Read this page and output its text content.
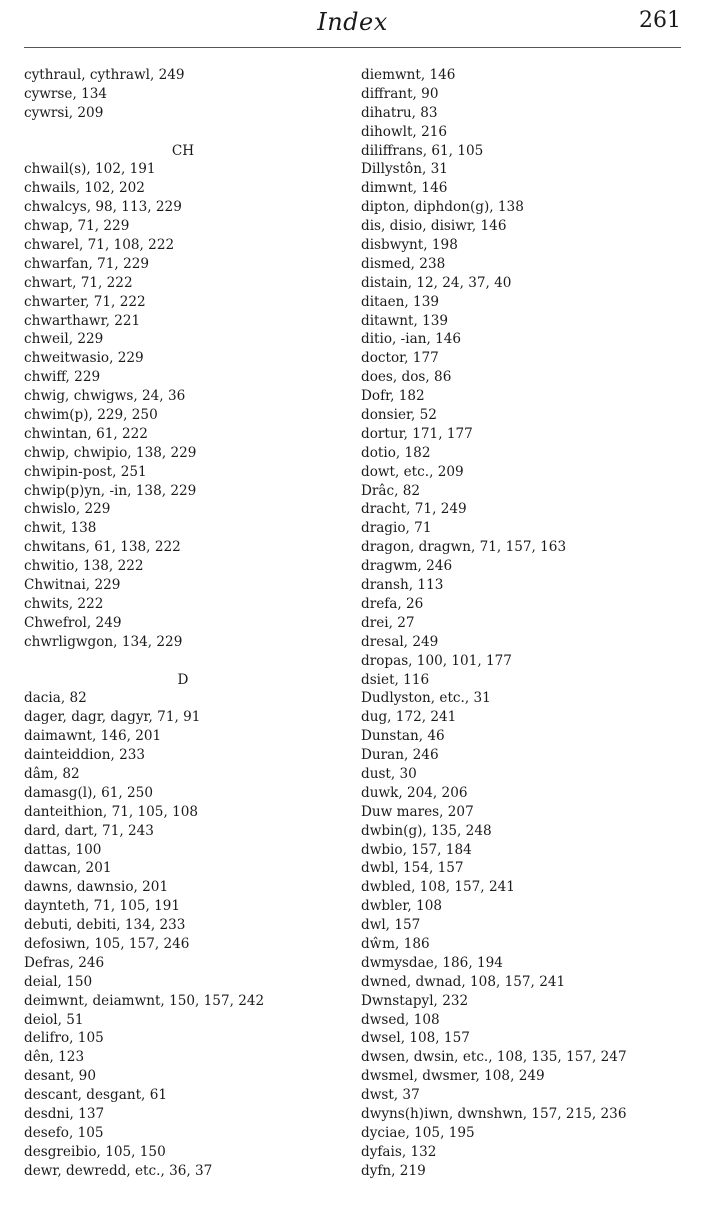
Index	261
cythraul, cythrawl, 249
cywrse, 134
cywrsi, 209
CH
chwail(s), 102, 191
chwails, 102, 202
chwalcys, 98, 113, 229
chwap, 71, 229
chwarel, 71, 108, 222
chwarfan, 71, 229
chwart, 71, 222
chwarter, 71, 222
chwarthawr, 221
chweil, 229
chweitwasio, 229
chwiff, 229
chwig, chwigws, 24, 36
chwim(p), 229, 250
chwintan, 61, 222
chwip, chwipio, 138, 229
chwipin-post, 251
chwip(p)yn, -in, 138, 229
chwislo, 229
chwit, 138
chwitans, 61, 138, 222
chwitio, 138, 222
Chwitnai, 229
chwits, 222
Chwefrol, 249
chwrligwgon, 134, 229
D
dacia, 82
dager, dagr, dagyr, 71, 91
daimawnt, 146, 201
dainteiddion, 233
dâm, 82
damasg(l), 61, 250
danteithion, 71, 105, 108
dard, dart, 71, 243
dattas, 100
dawcan, 201
dawns, dawnsio, 201
daynteth, 71, 105, 191
debuti, debiti, 134, 233
defosiwn, 105, 157, 246
Defras, 246
deial, 150
deimwnt, deiamwnt, 150, 157, 242
deiol, 51
delifro, 105
dên, 123
desant, 90
descant, desgant, 61
desdni, 137
desefo, 105
desgreibio, 105, 150
dewr, dewredd, etc., 36, 37
diemwnt, 146
diffrant, 90
dihatru, 83
dihowlt, 216
diliffrans, 61, 105
Dillystôn, 31
dimwnt, 146
dipton, diphdon(g), 138
dis, disio, disiwr, 146
disbwynt, 198
dismed, 238
distain, 12, 24, 37, 40
ditaen, 139
ditawnt, 139
ditio, -ian, 146
doctor, 177
does, dos, 86
Dofr, 182
donsier, 52
dortur, 171, 177
dotio, 182
dowt, etc., 209
Drâc, 82
dracht, 71, 249
dragio, 71
dragon, dragwn, 71, 157, 163
dragwm, 246
dransh, 113
drefa, 26
drei, 27
dresal, 249
dropas, 100, 101, 177
dsiet, 116
Dudlyston, etc., 31
dug, 172, 241
Dunstan, 46
Duran, 246
dust, 30
duwk, 204, 206
Duw mares, 207
dwbin(g), 135, 248
dwbio, 157, 184
dwbl, 154, 157
dwbled, 108, 157, 241
dwbler, 108
dwl, 157
dŵm, 186
dwmysdae, 186, 194
dwned, dwnad, 108, 157, 241
Dwnstapyl, 232
dwsed, 108
dwsel, 108, 157
dwsen, dwsin, etc., 108, 135, 157, 247
dwsmel, dwsmer, 108, 249
dwst, 37
dwyns(h)iwn, dwnshwn, 157, 215, 236
dyciae, 105, 195
dyfais, 132
dyfn, 219
